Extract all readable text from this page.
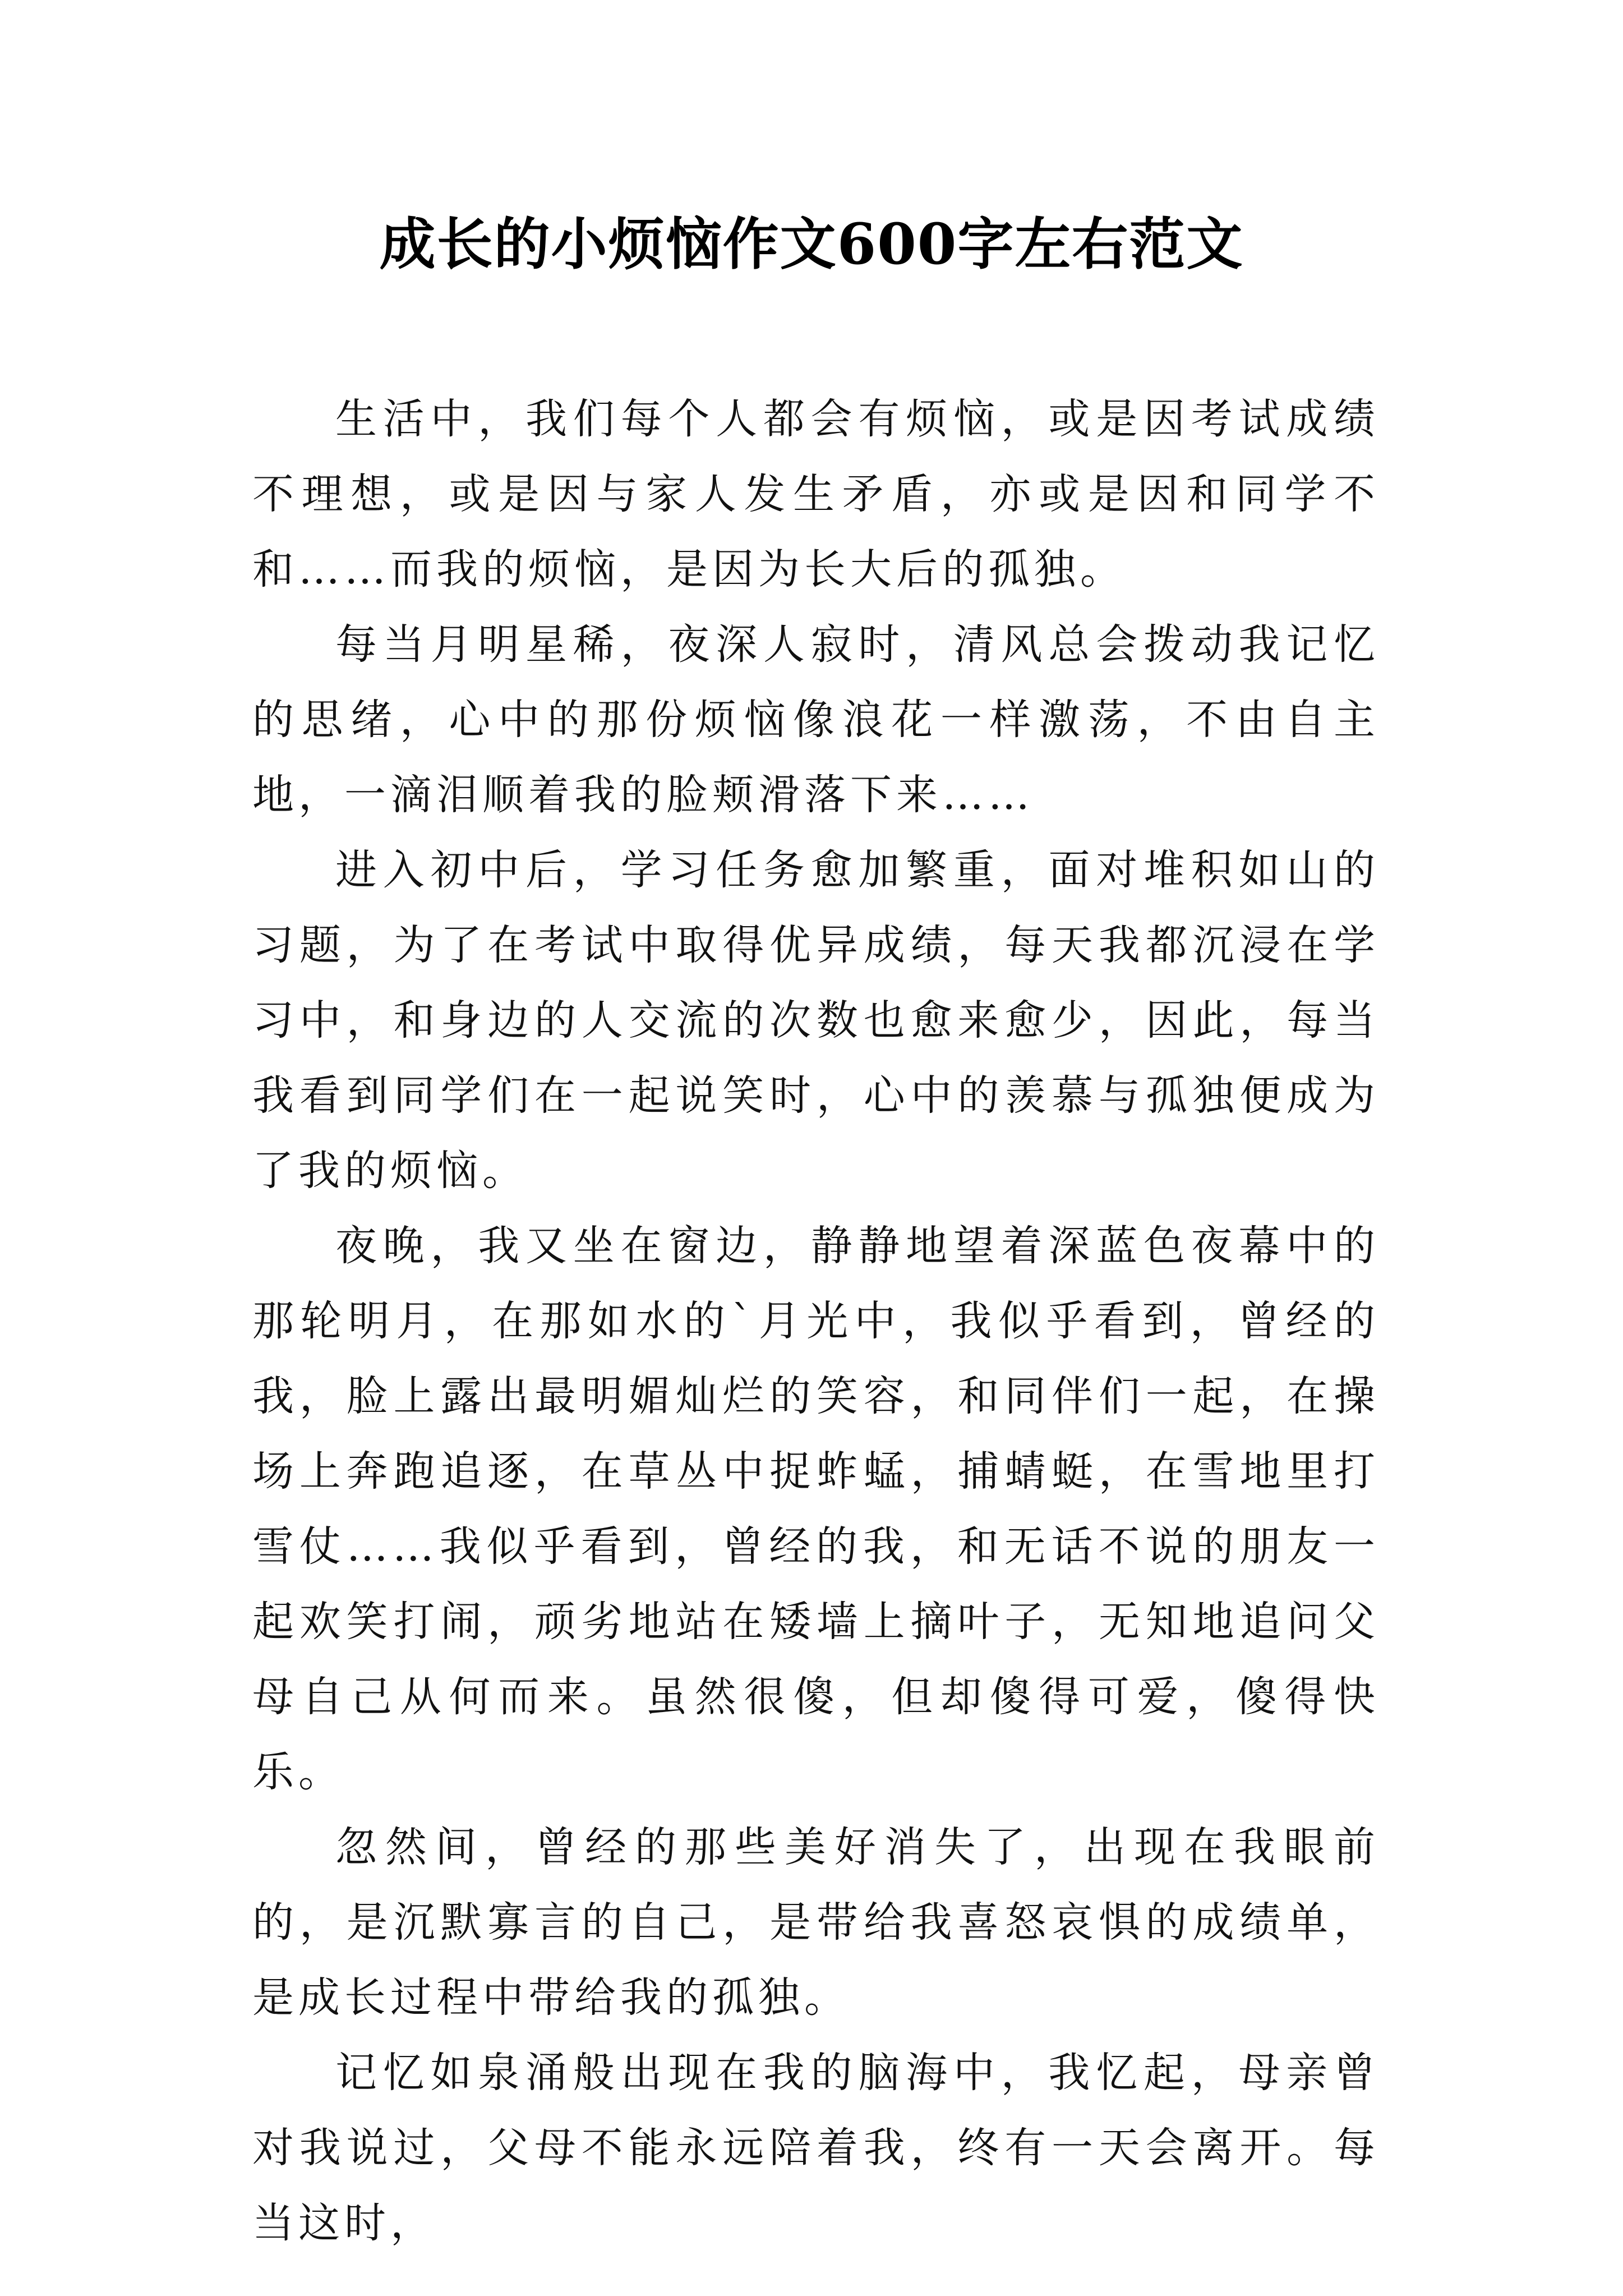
成长的小烦恼作文600字左右范文

生活中，我们每个人都会有烦恼，或是因考试成绩不理想，或是因与家人发生矛盾，亦或是因和同学不和……而我的烦恼，是因为长大后的孤独。

每当月明星稀，夜深人寂时，清风总会拨动我记忆的思绪，心中的那份烦恼像浪花一样激荡，不由自主地，一滴泪顺着我的脸颊滑落下来……

进入初中后，学习任务愈加繁重，面对堆积如山的习题，为了在考试中取得优异成绩，每天我都沉浸在学习中，和身边的人交流的次数也愈来愈少，因此，每当我看到同学们在一起说笑时，心中的羡慕与孤独便成为了我的烦恼。

夜晚，我又坐在窗边，静静地望着深蓝色夜幕中的那轮明月，在那如水的`月光中，我似乎看到，曾经的我，脸上露出最明媚灿烂的笑容，和同伴们一起，在操场上奔跑追逐，在草丛中捉蚱蜢，捕蜻蜓，在雪地里打雪仗……我似乎看到，曾经的我，和无话不说的朋友一起欢笑打闹，顽劣地站在矮墙上摘叶子，无知地追问父母自己从何而来。虽然很傻，但却傻得可爱，傻得快乐。

忽然间，曾经的那些美好消失了，出现在我眼前的，是沉默寡言的自己，是带给我喜怒哀惧的成绩单，是成长过程中带给我的孤独。

记忆如泉涌般出现在我的脑海中，我忆起，母亲曾对我说过，父母不能永远陪着我，终有一天会离开。每当这时，
